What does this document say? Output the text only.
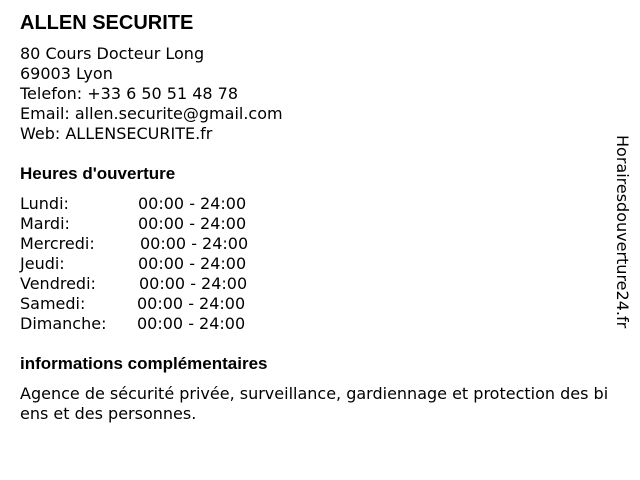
ALLEN SECURITE
80 Cours Docteur Long
69003 Lyon
Telefon: +33 6 50 51 48 78
Email: allen.securite@gmail.com
Web: ALLENSECURITE.fr
Heures d'ouverture
Lundi:	00:00 - 24:00
Mardi:	00:00 - 24:00
Mercredi:	00:00 - 24:00
Jeudi:	00:00 - 24:00
Vendredi:	00:00 - 24:00
Samedi:	00:00 - 24:00
Dimanche: 00:00 - 24:00
informations complémentaires
Agence de sécurité privée, surveillance, gardiennage et protection des biens et des personnes.
Horairesdouverture24.fr
